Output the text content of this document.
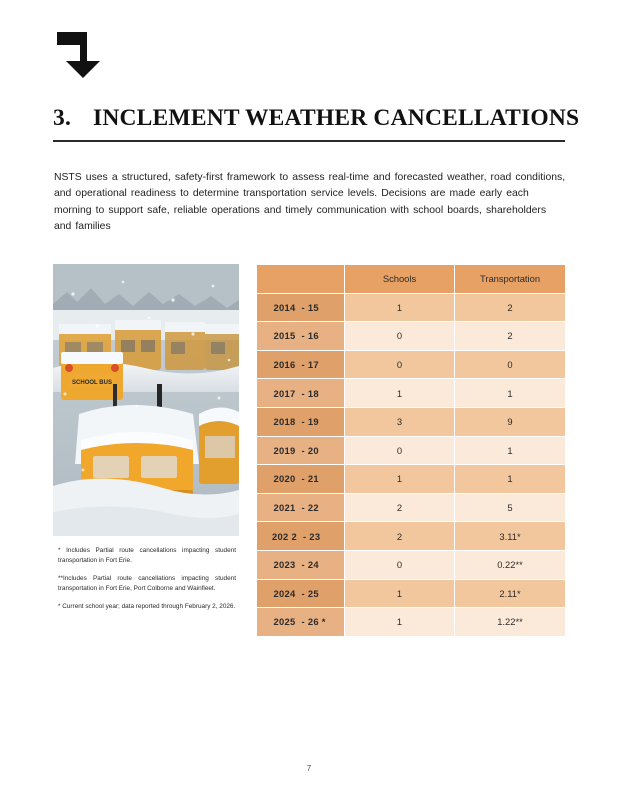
3. INCLEMENT WEATHER CANCELLATIONS
NSTS uses a structured, safety-first framework to assess real-time and forecasted weather, road conditions, and operational readiness to determine transportation service levels. Decisions are made early each morning to support safe, reliable operations and timely communication with school boards, shareholders and families
SCHOOL BUS

* Includes Partial route cancellations impacting student transportation in Fort Erie.

**Includes Partial route cancellations impacting student transportation in Fort Erie, Port Colborne and Wainfleet.

* Current school year; data reported through February 2, 2026.

	Schools	Transportation
2014 - 15	1	2
2015 - 16	0	2
2016 - 17	0	0
2017 - 18	1	1
2018 - 19	3	9
2019 - 20	0	1
2020 - 21	1	1
2021 - 22	2	5
202 2 - 23	2	3.11*
2023 - 24	0	0.22**
2024 - 25	1	2.11*
2025 - 26 *	1	1.22**
7
